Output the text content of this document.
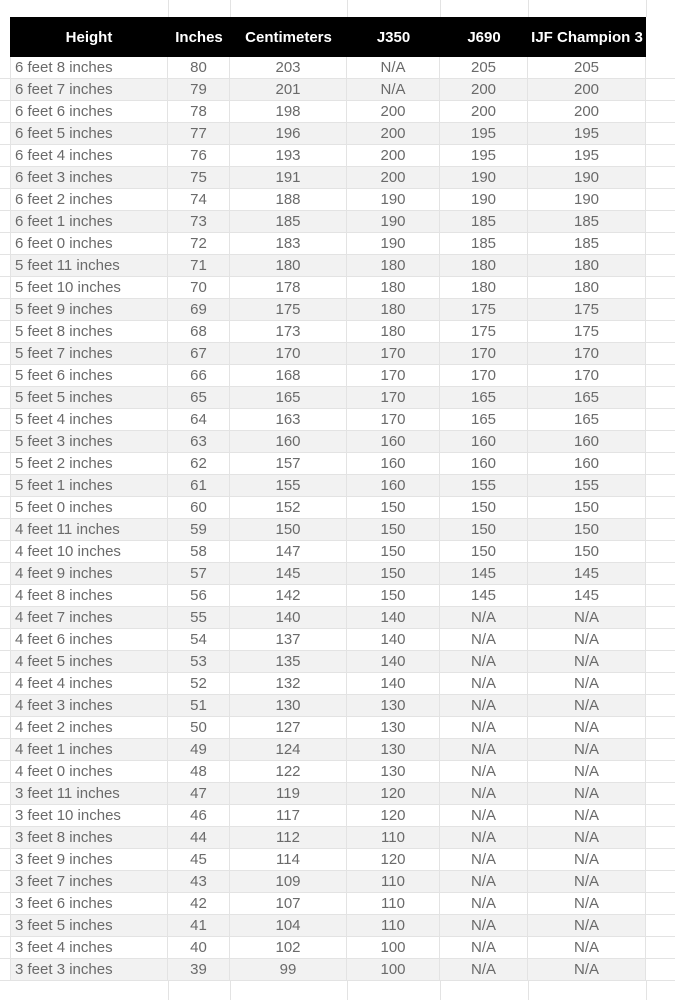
Height	Inches	Centimeters	J350	J690	IJF Champion 3
6 feet 8 inches	80	203	N/A	205	205
6 feet 7 inches	79	201	N/A	200	200
6 feet 6 inches	78	198	200	200	200
6 feet 5 inches	77	196	200	195	195
6 feet 4 inches	76	193	200	195	195
6 feet 3 inches	75	191	200	190	190
6 feet 2 inches	74	188	190	190	190
6 feet 1 inches	73	185	190	185	185
6 feet 0 inches	72	183	190	185	185
5 feet 11 inches	71	180	180	180	180
5 feet 10 inches	70	178	180	180	180
5 feet 9 inches	69	175	180	175	175
5 feet 8 inches	68	173	180	175	175
5 feet 7 inches	67	170	170	170	170
5 feet 6 inches	66	168	170	170	170
5 feet 5 inches	65	165	170	165	165
5 feet 4 inches	64	163	170	165	165
5 feet 3 inches	63	160	160	160	160
5 feet 2 inches	62	157	160	160	160
5 feet 1 inches	61	155	160	155	155
5 feet 0 inches	60	152	150	150	150
4 feet 11 inches	59	150	150	150	150
4 feet 10 inches	58	147	150	150	150
4 feet 9 inches	57	145	150	145	145
4 feet 8 inches	56	142	150	145	145
4 feet 7 inches	55	140	140	N/A	N/A
4 feet 6 inches	54	137	140	N/A	N/A
4 feet 5 inches	53	135	140	N/A	N/A
4 feet 4 inches	52	132	140	N/A	N/A
4 feet 3 inches	51	130	130	N/A	N/A
4 feet 2 inches	50	127	130	N/A	N/A
4 feet 1 inches	49	124	130	N/A	N/A
4 feet 0 inches	48	122	130	N/A	N/A
3 feet 11 inches	47	119	120	N/A	N/A
3 feet 10 inches	46	117	120	N/A	N/A
3 feet 8 inches	44	112	110	N/A	N/A
3 feet 9 inches	45	114	120	N/A	N/A
3 feet 7 inches	43	109	110	N/A	N/A
3 feet 6 inches	42	107	110	N/A	N/A
3 feet 5 inches	41	104	110	N/A	N/A
3 feet 4 inches	40	102	100	N/A	N/A
3 feet 3 inches	39	99	100	N/A	N/A
